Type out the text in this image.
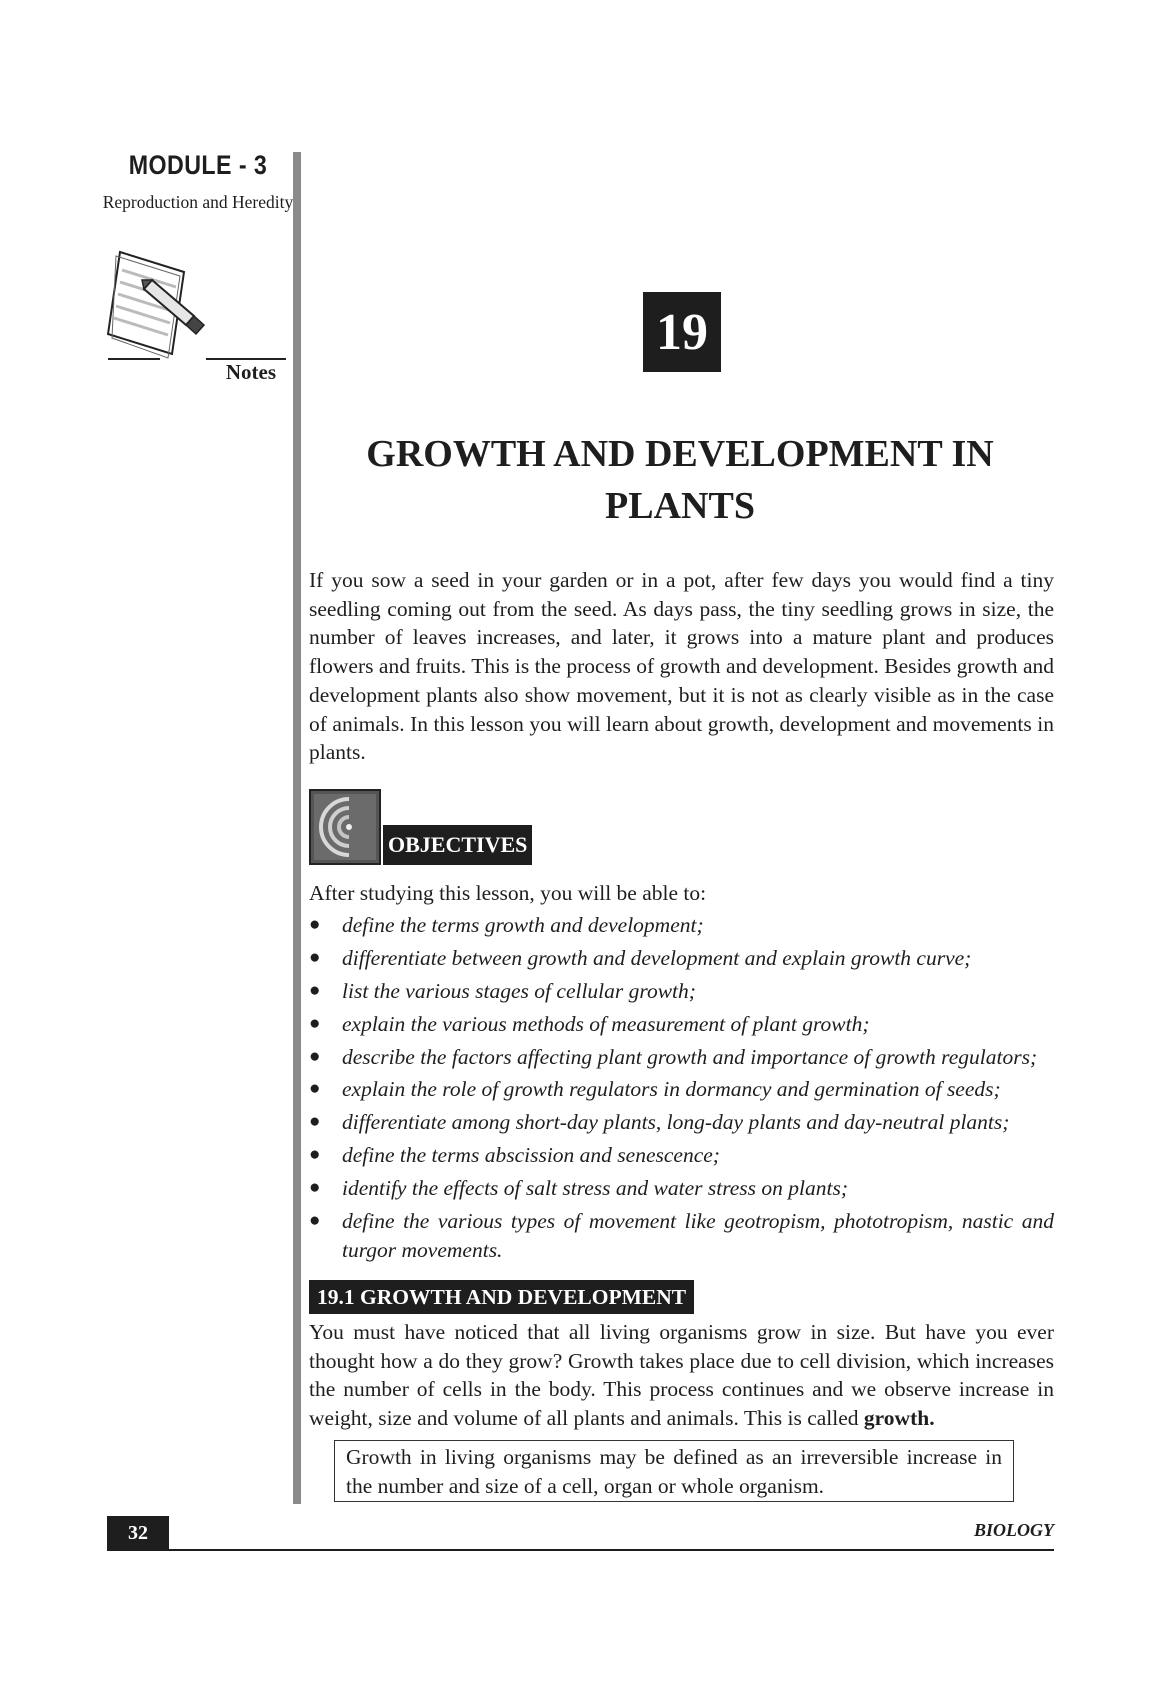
MODULE - 3
Reproduction and Heredity
Notes
19
GROWTH AND DEVELOPMENT IN PLANTS

If you sow a seed in your garden or in a pot, after few days you would find a tiny seedling coming out from the seed. As days pass, the tiny seedling grows in size, the number of leaves increases, and later, it grows into a mature plant and produces flowers and fruits. This is the process of growth and development. Besides growth and development plants also show movement, but it is not as clearly visible as in the case of animals. In this lesson you will learn about growth, development and movements in plants.

OBJECTIVES
After studying this lesson, you will be able to:
● define the terms growth and development;
● differentiate between growth and development and explain growth curve;
● list the various stages of cellular growth;
● explain the various methods of measurement of plant growth;
● describe the factors affecting plant growth and importance of growth regulators;
● explain the role of growth regulators in dormancy and germination of seeds;
● differentiate among short-day plants, long-day plants and day-neutral plants;
● define the terms abscission and senescence;
● identify the effects of salt stress and water stress on plants;
● define the various types of movement like geotropism, phototropism, nastic and turgor movements.
19.1 GROWTH AND DEVELOPMENT

You must have noticed that all living organisms grow in size. But have you ever thought how a do they grow? Growth takes place due to cell division, which increases the number of cells in the body. This process continues and we observe increase in weight, size and volume of all plants and animals. This is called growth.

Growth in living organisms may be defined as an irreversible increase in the number and size of a cell, organ or whole organism.
32	BIOLOGY
